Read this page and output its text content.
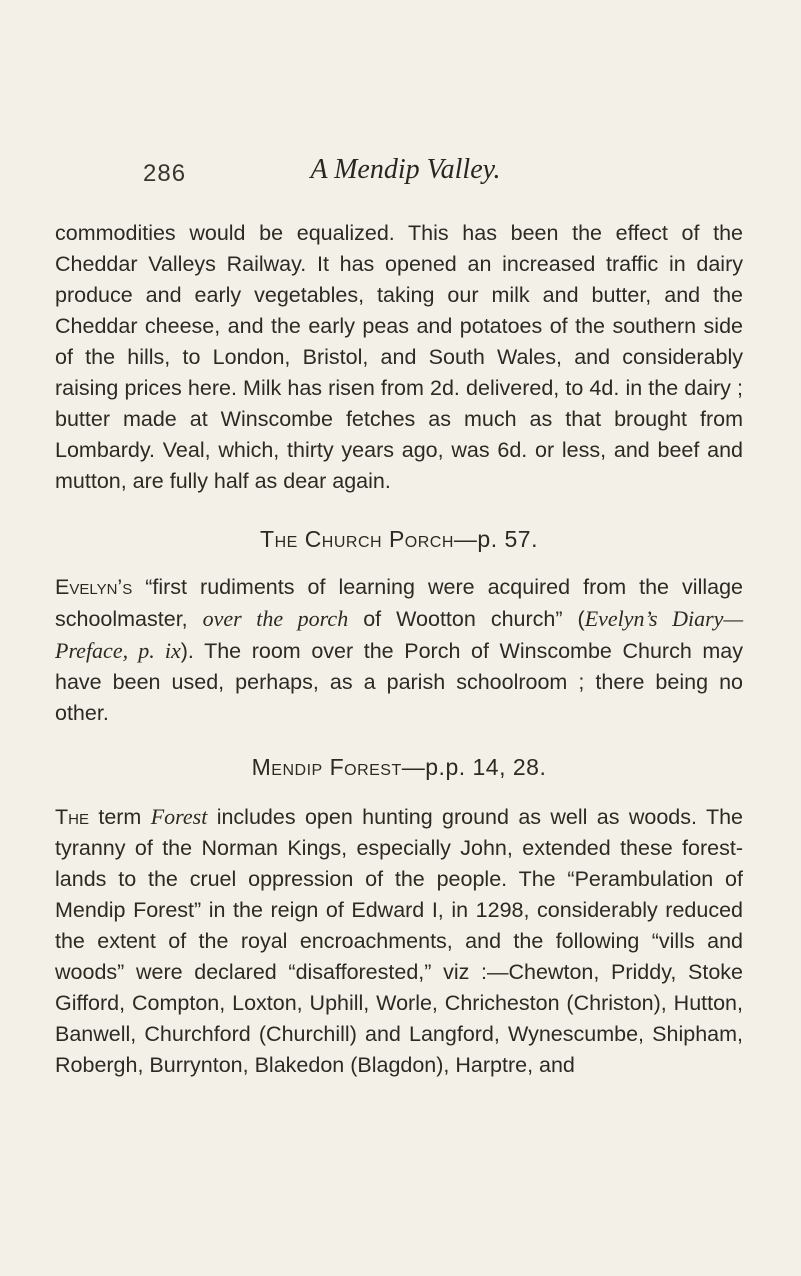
286	A Mendip Valley.

commodities would be equalized. This has been the effect of the Cheddar Valleys Railway. It has opened an increased traffic in dairy produce and early vegetables, taking our milk and butter, and the Cheddar cheese, and the early peas and potatoes of the southern side of the hills, to London, Bristol, and South Wales, and considerably raising prices here. Milk has risen from 2d. delivered, to 4d. in the dairy ; butter made at Winscombe fetches as much as that brought from Lombardy. Veal, which, thirty years ago, was 6d. or less, and beef and mutton, are fully half as dear again.

The Church Porch—p. 57.

Evelyn’s “first rudiments of learning were acquired from the village schoolmaster, over the porch of Wootton church” (Evelyn’s Diary—Preface, p. ix). The room over the Porch of Winscombe Church may have been used, perhaps, as a parish schoolroom ; there being no other.

Mendip Forest—p.p. 14, 28.

The term Forest includes open hunting ground as well as woods. The tyranny of the Norman Kings, especially John, extended these forest-lands to the cruel oppression of the people. The “Perambulation of Mendip Forest” in the reign of Edward I, in 1298, considerably reduced the extent of the royal encroachments, and the following “vills and woods” were declared “disafforested,” viz :—Chewton, Priddy, Stoke Gifford, Compton, Loxton, Uphill, Worle, Chricheston (Christon), Hutton, Banwell, Churchford (Churchill) and Langford, Wynescumbe, Shipham, Robergh, Burrynton, Blakedon (Blagdon), Harptre, and
